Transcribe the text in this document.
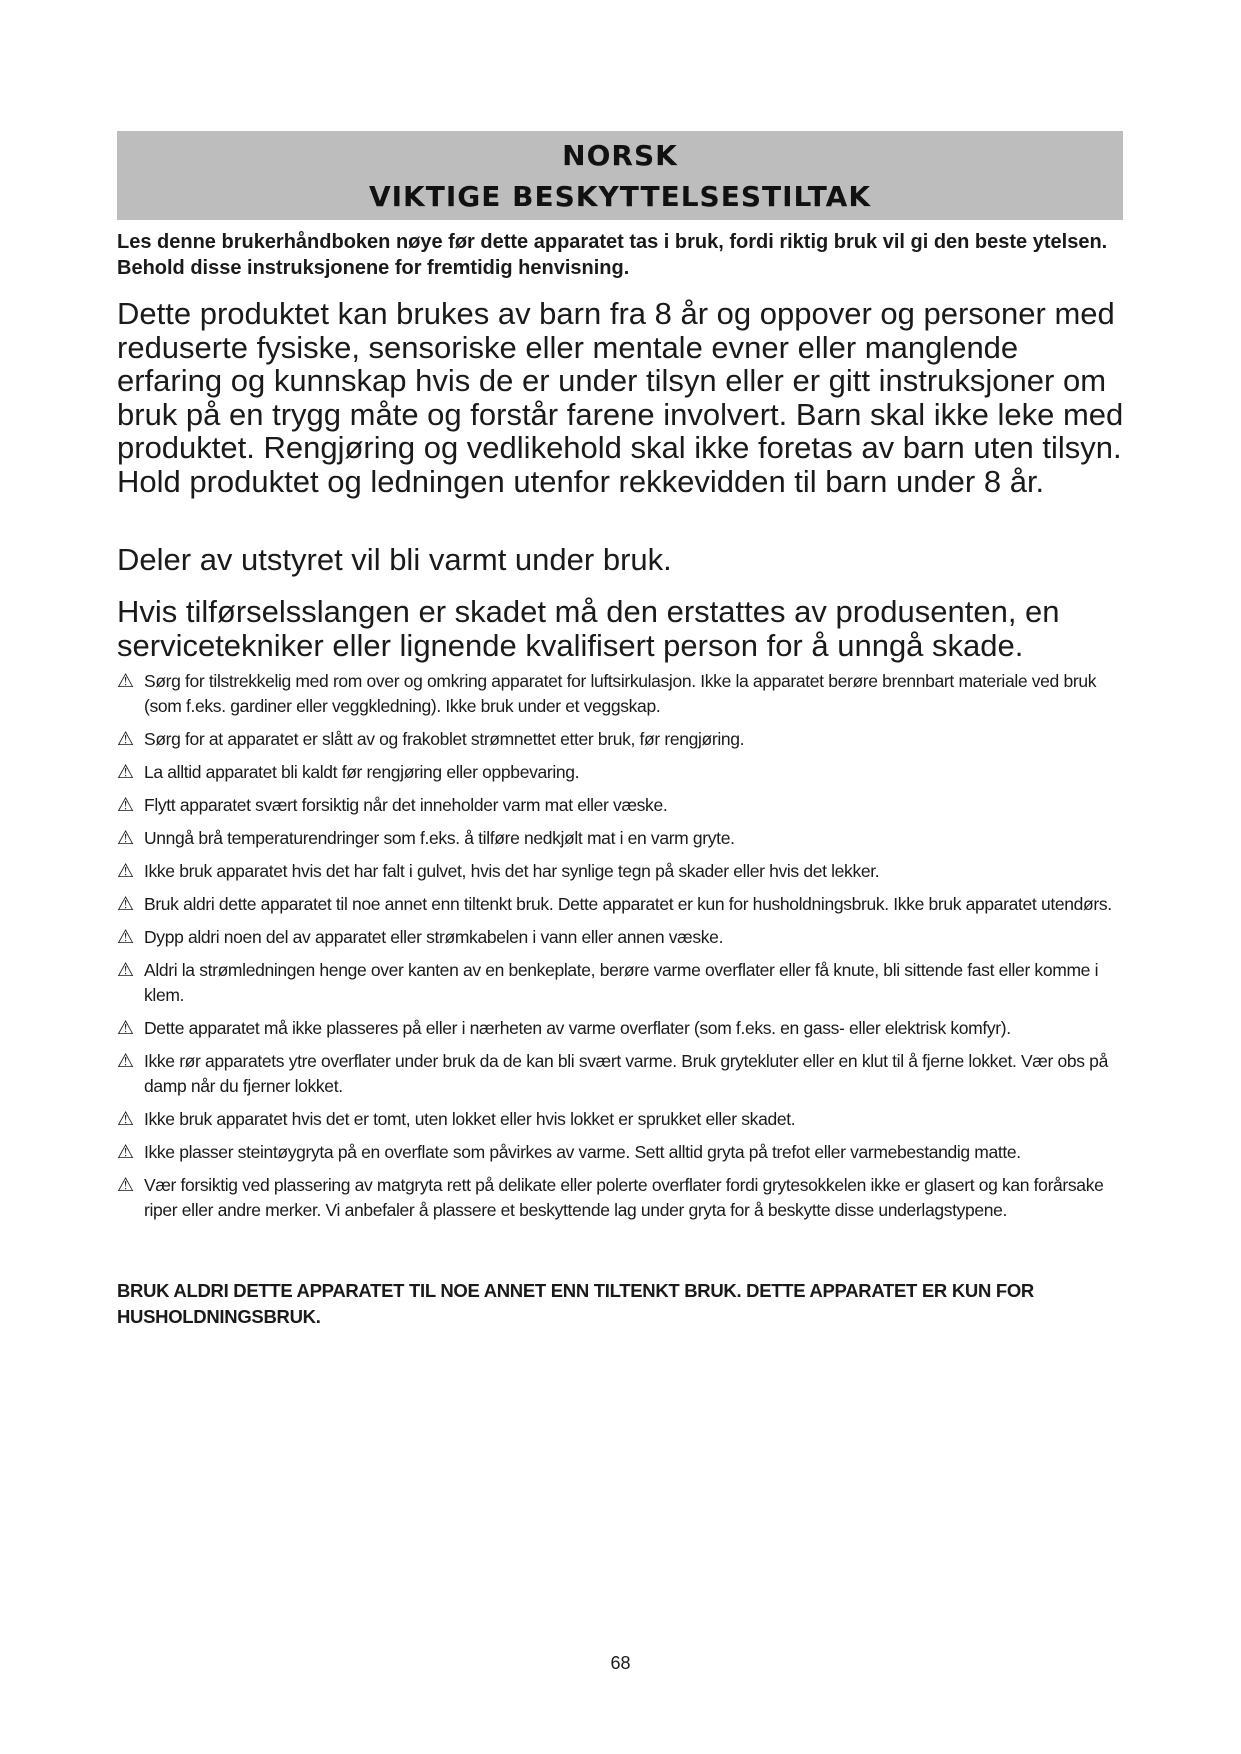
NORSK
VIKTIGE BESKYTTELSESTILTAK
Les denne brukerhåndboken nøye før dette apparatet tas i bruk, fordi riktig bruk vil gi den beste ytelsen. Behold disse instruksjonene for fremtidig henvisning.
Dette produktet kan brukes av barn fra 8 år og oppover og personer med reduserte fysiske, sensoriske eller mentale evner eller manglende erfaring og kunnskap hvis de er under tilsyn eller er gitt instruksjoner om bruk på en trygg måte og forstår farene involvert. Barn skal ikke leke med produktet. Rengjøring og vedlikehold skal ikke foretas av barn uten tilsyn. Hold produktet og ledningen utenfor rekkevidden til barn under 8 år.
Deler av utstyret vil bli varmt under bruk.
Hvis tilførselsslangen er skadet må den erstattes av produsenten, en servicetekniker eller lignende kvalifisert person for å unngå skade.
⚠ Sørg for tilstrekkelig med rom over og omkring apparatet for luftsirkulasjon. Ikke la apparatet berøre brennbart materiale ved bruk (som f.eks. gardiner eller veggkledning). Ikke bruk under et veggskap.
⚠ Sørg for at apparatet er slått av og frakoblet strømnettet etter bruk, før rengjøring.
⚠ La alltid apparatet bli kaldt før rengjøring eller oppbevaring.
⚠ Flytt apparatet svært forsiktig når det inneholder varm mat eller væske.
⚠ Unngå brå temperaturendringer som f.eks. å tilføre nedkjølt mat i en varm gryte.
⚠ Ikke bruk apparatet hvis det har falt i gulvet, hvis det har synlige tegn på skader eller hvis det lekker.
⚠ Bruk aldri dette apparatet til noe annet enn tiltenkt bruk. Dette apparatet er kun for husholdningsbruk. Ikke bruk apparatet utendørs.
⚠ Dypp aldri noen del av apparatet eller strømkabelen i vann eller annen væske.
⚠ Aldri la strømledningen henge over kanten av en benkeplate, berøre varme overflater eller få knute, bli sittende fast eller komme i klem.
⚠ Dette apparatet må ikke plasseres på eller i nærheten av varme overflater (som f.eks. en gass- eller elektrisk komfyr).
⚠ Ikke rør apparatets ytre overflater under bruk da de kan bli svært varme. Bruk grytekluter eller en klut til å fjerne lokket. Vær obs på damp når du fjerner lokket.
⚠ Ikke bruk apparatet hvis det er tomt, uten lokket eller hvis lokket er sprukket eller skadet.
⚠ Ikke plasser steintøygryta på en overflate som påvirkes av varme. Sett alltid gryta på trefot eller varmebestandig matte.
⚠ Vær forsiktig ved plassering av matgryta rett på delikate eller polerte overflater fordi grytesokkelen ikke er glasert og kan forårsake riper eller andre merker. Vi anbefaler å plassere et beskyttende lag under gryta for å beskytte disse underlagstypene.
BRUK ALDRI DETTE APPARATET TIL NOE ANNET ENN TILTENKT BRUK. DETTE APPARATET ER KUN FOR HUSHOLDNINGSBRUK.
68
